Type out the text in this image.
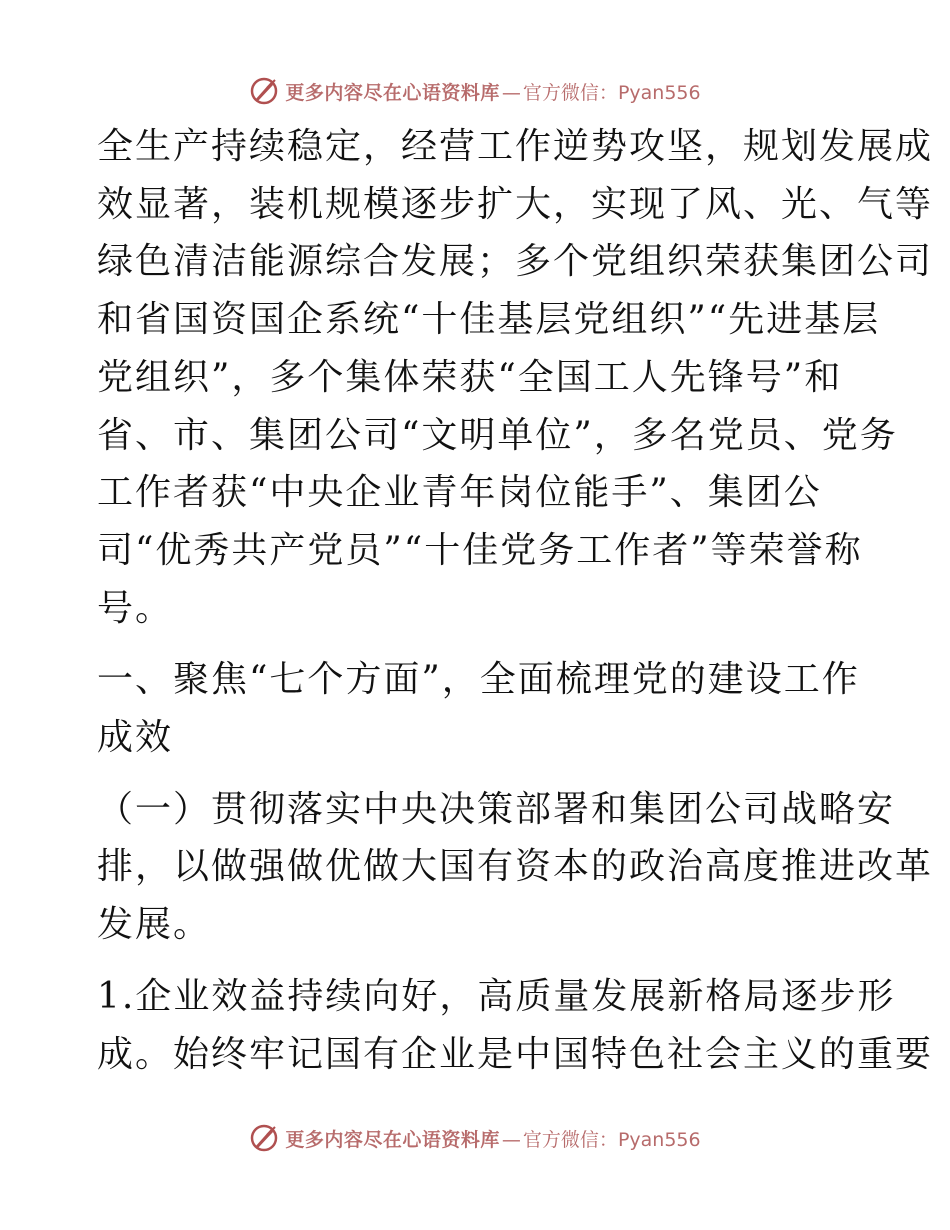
更多内容尽在心语资料库 — 官方微信： Pyan556

全生产持续稳定，经营工作逆势攻坚，规划发展成
效显著，装机规模逐步扩大，实现了风、光、气等
绿色清洁能源综合发展；多个党组织荣获集团公司
和省国资国企系统“十佳基层党组织”“先进基层
党组织”，多个集体荣获“全国工人先锋号”和
省、市、集团公司“文明单位”，多名党员、党务
工作者获“中央企业青年岗位能手”、集团公
司“优秀共产党员”“十佳党务工作者”等荣誉称
号。

一、聚焦“七个方面”，全面梳理党的建设工作
成效

（一）贯彻落实中央决策部署和集团公司战略安
排，以做强做优做大国有资本的政治高度推进改革
发展。

1.企业效益持续向好，高质量发展新格局逐步形
成。始终牢记国有企业是中国特色社会主义的重要

更多内容尽在心语资料库 — 官方微信： Pyan556
